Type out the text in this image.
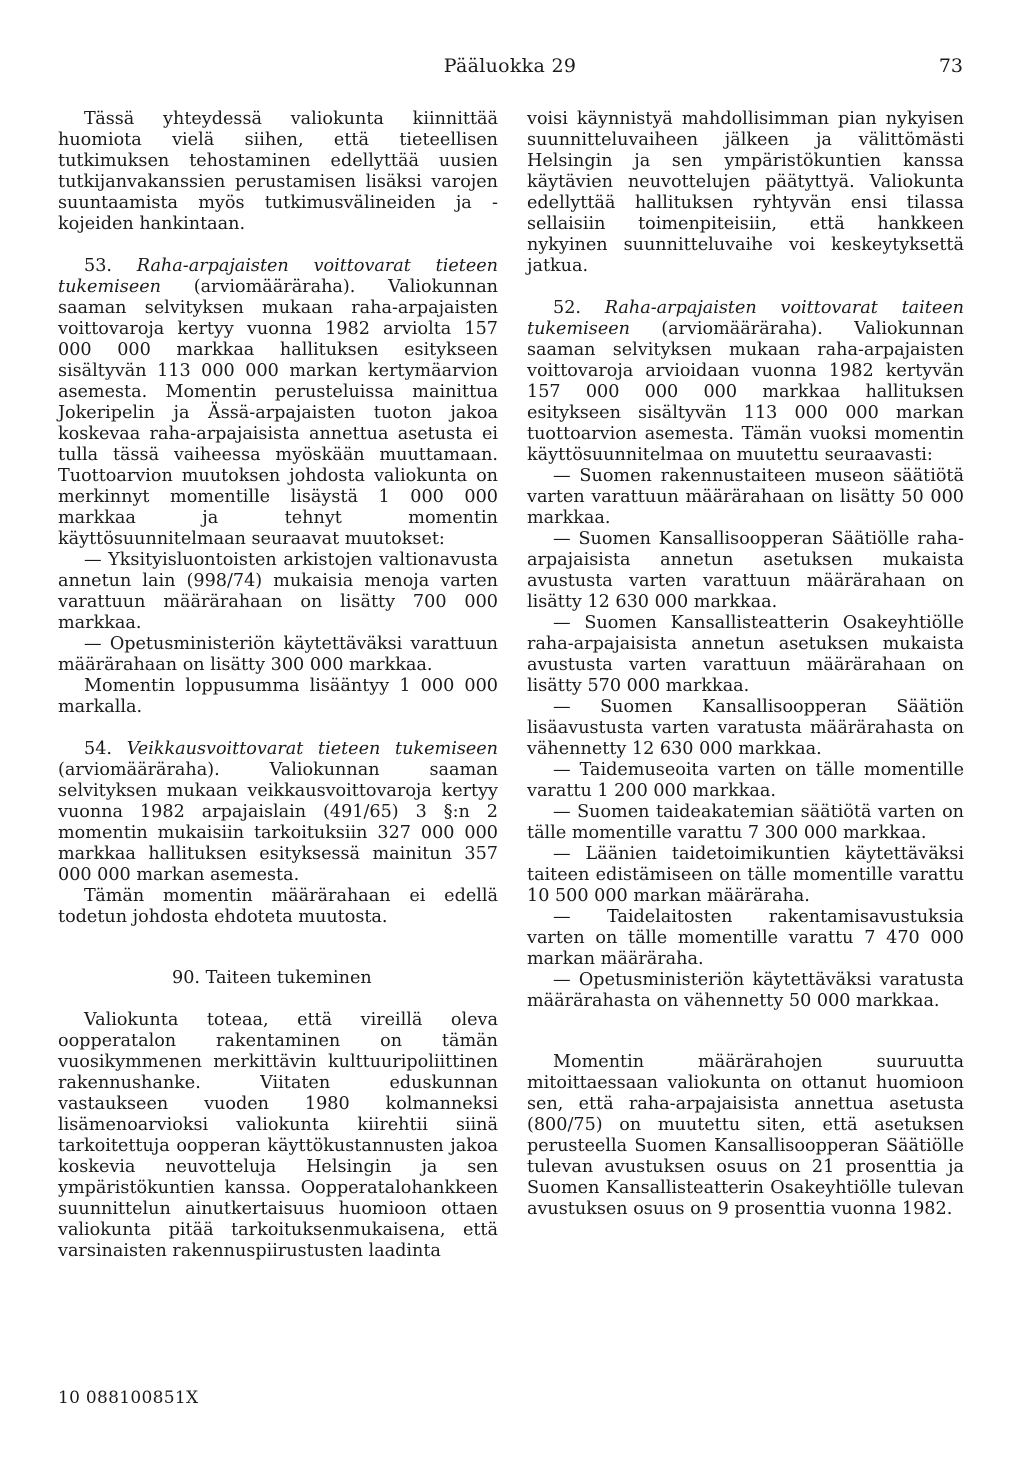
Pääluokka 29	73

Tässä yhteydessä valiokunta kiinnittää huomiota vielä siihen, että tieteellisen tutkimuksen tehostaminen edellyttää uusien tutkijanvakanssien perustamisen lisäksi varojen suuntaamista myös tutkimusvälineiden ja -kojeiden hankintaan.

53. Raha-arpajaisten voittovarat tieteen tukemiseen (arviomääräraha). Valiokunnan saaman selvityksen mukaan raha-arpajaisten voittovaroja kertyy vuonna 1982 arviolta 157 000 000 markkaa hallituksen esitykseen sisältyvän 113 000 000 markan kertymäarvion asemesta. Momentin perusteluissa mainittua Jokeripelin ja Ässä-arpajaisten tuoton jakoa koskevaa raha-arpajaisista annettua asetusta ei tulla tässä vaiheessa myöskään muuttamaan. Tuottoarvion muutoksen johdosta valiokunta on merkinnyt momentille lisäystä 1 000 000 markkaa ja tehnyt momentin käyttösuunnitelmaan seuraavat muutokset:

— Yksityisluontoisten arkistojen valtionavusta annetun lain (998/74) mukaisia menoja varten varattuun määrärahaan on lisätty 700 000 markkaa.

— Opetusministeriön käytettäväksi varattuun määrärahaan on lisätty 300 000 markkaa.

Momentin loppusumma lisääntyy 1 000 000 markalla.

54. Veikkausvoittovarat tieteen tukemiseen (arviomääräraha).	Valiokunnan saaman selvityksen mukaan veikkausvoittovaroja kertyy vuonna 1982 arpajaislain (491/65) 3 §:n 2 momentin mukaisiin tarkoituksiin 327 000 000 markkaa hallituksen esityksessä mainitun 357 000 000 markan asemesta.

Tämän momentin määrärahaan ei edellä todetun johdosta ehdoteta muutosta.

90. Taiteen tukeminen

Valiokunta toteaa, että vireillä oleva oopperatalon rakentaminen on tämän vuosikymmenen merkittävin kulttuuripoliittinen rakennushanke. Viitaten eduskunnan vastaukseen vuoden 1980 kolmanneksi lisämenoarvioksi valiokunta kiirehtii siinä tarkoitettuja oopperan käyttökustannusten jakoa koskevia neuvotteluja Helsingin ja sen ympäristökuntien kanssa. Oopperatalohankkeen suunnittelun ainutkertaisuus huomioon ottaen valiokunta pitää tarkoituksenmukaisena, että varsinaisten rakennuspiirustusten laadinta

voisi käynnistyä mahdollisimman pian nykyisen suunnitteluvaiheen jälkeen ja välittömästi Helsingin ja sen ympäristökuntien kanssa käytävien neuvottelujen päätyttyä. Valiokunta edellyttää hallituksen ryhtyvän ensi tilassa sellaisiin toimenpiteisiin, että hankkeen nykyinen suunnitteluvaihe voi keskeytyksettä jatkua.

52. Raha-arpajaisten voittovarat taiteen tukemiseen (arviomääräraha). Valiokunnan saaman selvityksen mukaan raha-arpajaisten voittovaroja arvioidaan vuonna 1982 kertyvän 157 000 000 000 markkaa hallituksen esitykseen sisältyvän 113 000 000 markan tuottoarvion asemesta. Tämän vuoksi momentin käyttösuunnitelmaa on muutettu seuraavasti:

— Suomen rakennustaiteen museon säätiötä varten varattuun määrärahaan on lisätty 50 000 markkaa.

— Suomen Kansallisoopperan Säätiölle raha-arpajaisista annetun asetuksen mukaista avustusta varten varattuun määrärahaan on lisätty 12 630 000 markkaa.

— Suomen Kansallisteatterin Osakeyhtiölle raha-arpajaisista annetun asetuksen mukaista avustusta varten varattuun määrärahaan on lisätty 570 000 markkaa.

— Suomen Kansallisoopperan Säätiön lisäavustusta varten varatusta määrärahasta on vähennetty 12 630 000 markkaa.

— Taidemuseoita varten on tälle momentille varattu 1 200 000 markkaa.

— Suomen taideakatemian säätiötä varten on tälle momentille varattu 7 300 000 markkaa.

— Läänien taidetoimikuntien käytettäväksi taiteen edistämiseen on tälle momentille varattu 10 500 000 markan määräraha.

— Taidelaitosten rakentamisavustuksia varten on tälle momentille varattu 7 470 000 markan määräraha.

— Opetusministeriön käytettäväksi varatusta määrärahasta on vähennetty 50 000 markkaa.

Momentin määrärahojen suuruutta mitoittaessaan valiokunta on ottanut huomioon sen, että raha-arpajaisista annettua asetusta (800/75) on muutettu siten, että asetuksen perusteella Suomen Kansallisoopperan Säätiölle tulevan avustuksen osuus on 21 prosenttia ja Suomen Kansallisteatterin Osakeyhtiölle tulevan avustuksen osuus on 9 prosenttia vuonna 1982.

10 088100851X
